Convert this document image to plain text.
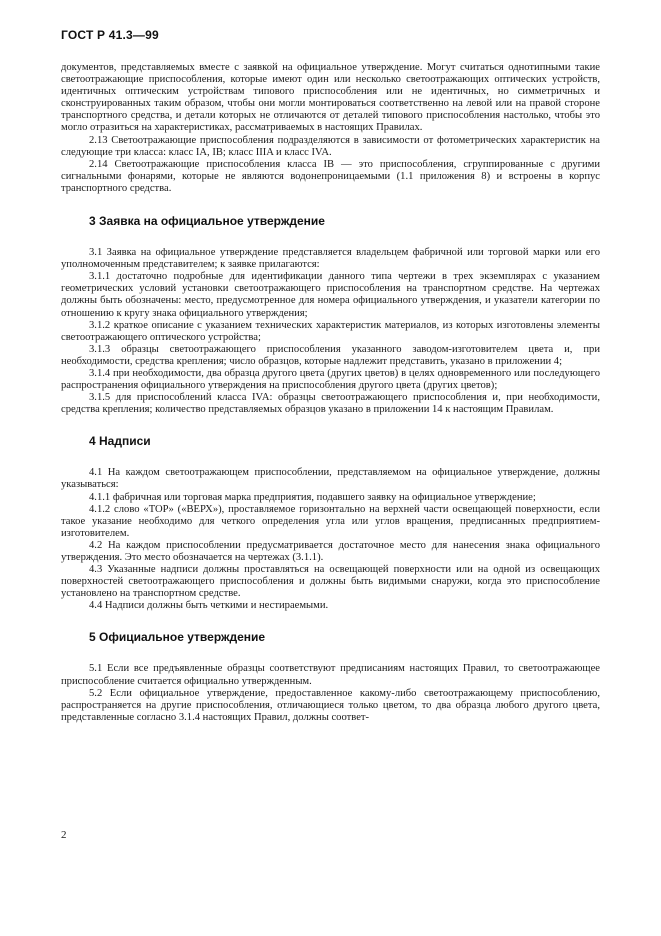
ГОСТ Р 41.3—99

документов, представляемых вместе с заявкой на официальное утверждение. Могут считаться однотипными такие светоотражающие приспособления, которые имеют один или несколько светоотражающих оптических устройств, идентичных оптическим устройствам типового приспособления или не идентичных, но симметричных и сконструированных таким образом, чтобы они могли монтироваться соответственно на левой или на правой стороне транспортного средства, и детали которых не отличаются от деталей типового приспособления настолько, чтобы это могло отразиться на характеристиках, рассматриваемых в настоящих Правилах.

2.13 Светоотражающие приспособления подразделяются в зависимости от фотометрических характеристик на следующие три класса: класс IA, IB; класс IIIA и класс IVA.

2.14 Светоотражающие приспособления класса IB — это приспособления, сгруппированные с другими сигнальными фонарями, которые не являются водонепроницаемыми (1.1 приложения 8) и встроены в корпус транспортного средства.

3 Заявка на официальное утверждение

3.1 Заявка на официальное утверждение представляется владельцем фабричной или торговой марки или его уполномоченным представителем; к заявке прилагаются:

3.1.1 достаточно подробные для идентификации данного типа чертежи в трех экземплярах с указанием геометрических условий установки светоотражающего приспособления на транспортном средстве. На чертежах должны быть обозначены: место, предусмотренное для номера официального утверждения, и указатели категории по отношению к кругу знака официального утверждения;

3.1.2 краткое описание с указанием технических характеристик материалов, из которых изготовлены элементы светоотражающего оптического устройства;

3.1.3 образцы светоотражающего приспособления указанного заводом-изготовителем цвета и, при необходимости, средства крепления; число образцов, которые надлежит представить, указано в приложении 4;

3.1.4 при необходимости, два образца другого цвета (других цветов) в целях одновременного или последующего распространения официального утверждения на приспособления другого цвета (других цветов);

3.1.5 для приспособлений класса IVA: образцы светоотражающего приспособления и, при необходимости, средства крепления; количество представляемых образцов указано в приложении 14 к настоящим Правилам.

4 Надписи

4.1 На каждом светоотражающем приспособлении, представляемом на официальное утверждение, должны указываться:

4.1.1 фабричная или торговая марка предприятия, подавшего заявку на официальное утверждение;

4.1.2 слово «TOP» («ВЕРХ»), проставляемое горизонтально на верхней части освещающей поверхности, если такое указание необходимо для четкого определения угла или углов вращения, предписанных предприятием-изготовителем.

4.2 На каждом приспособлении предусматривается достаточное место для нанесения знака официального утверждения. Это место обозначается на чертежах (3.1.1).

4.3 Указанные надписи должны проставляться на освещающей поверхности или на одной из освещающих поверхностей светоотражающего приспособления и должны быть видимыми снаружи, когда это приспособление установлено на транспортном средстве.

4.4 Надписи должны быть четкими и нестираемыми.

5 Официальное утверждение

5.1 Если все предъявленные образцы соответствуют предписаниям настоящих Правил, то светоотражающее приспособление считается официально утвержденным.

5.2 Если официальное утверждение, предоставленное какому-либо светоотражающему приспособлению, распространяется на другие приспособления, отличающиеся только цветом, то два образца любого другого цвета, представленные согласно 3.1.4 настоящих Правил, должны соответ-

2
